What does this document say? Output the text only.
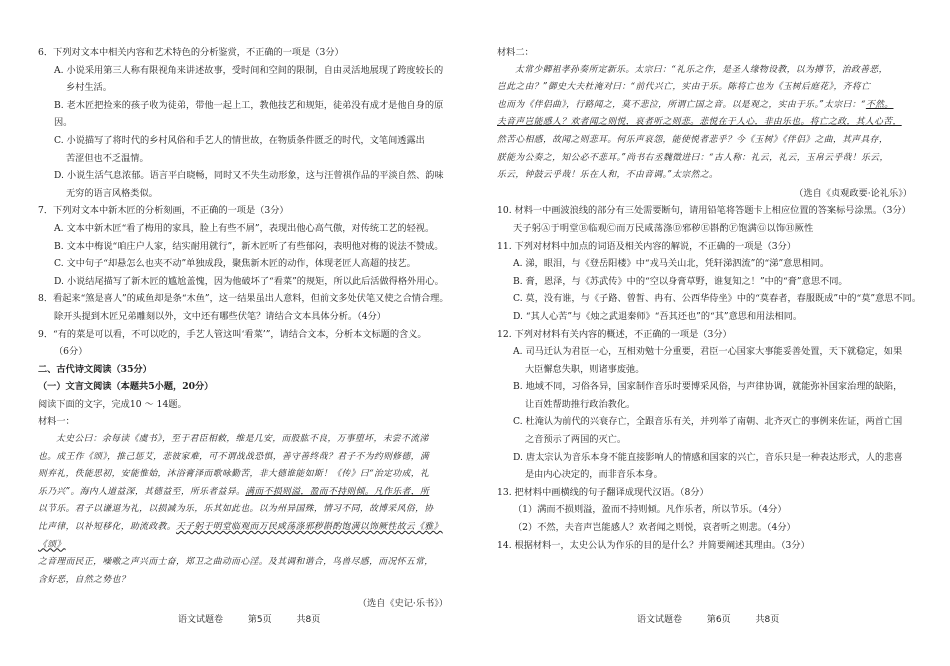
6．下列对文本中相关内容和艺术特色的分析鉴赏，不正确的一项是（3分）

A. 小说采用第三人称有限视角来讲述故事，受时间和空间的限制，自由灵活地展现了跨度较长的

乡村生活。

B. 老木匠把捡来的孩子收为徒弟，带他一起上工，教他技艺和规矩，徒弟没有成才是他自身的原因。

C. 小说描写了将时代的乡村风俗和手艺人的情世故，在物质条件匮乏的时代，文笔间透露出

苦涩但也不乏温情。

D. 小说生活气息浓郁。语言平白晓畅，同时又不失生动形象，这与汪曾祺作品的平淡自然、韵味

无穷的语言风格类似。

7．下列对文本中新木匠的分析刻画，不正确的一项是（3分）

A. 文本中新木匠“看了梅用的家具，脸上有些不屑”，表现出他心高气傲，对传统工艺的轻视。

B. 文本中梅说“咱庄户人家，结实耐用就行”，新木匠听了有些郁闷，表明他对梅的说法不赞成。

C. 文中句子“却悬怎么也夹不动”单独成段，聚焦新木匠的动作，体现老匠人高超的技艺。

D. 小说结尾描写了新木匠的尴尬盖愧，因为他破坏了“看菜”的规矩，所以此后活做得格外用心。

8．看起来“煞是喜人”的咸鱼却是条“木鱼”，这一结果虽出人意料，但前文多处伏笔又使之合情合理。

除开头提到木匠兄弟雕刻以外，文中还有哪些伏笔？请结合文本具体分析。（4分）

9．“有的菜是可以看，不可以吃的，手艺人管这叫‘看菜’”，请结合文本，分析本文标题的含义。

（6分）

二、古代诗文阅读（35分）

（一）文言文阅读（本题共5小题，20分）

阅读下面的文字，完成10 ～ 14题。

材料一：

太史公曰：余每读《虞书》，至于君臣相敕，维是几安，而股肱不良，万事堕坏，未尝不流涕

也。成王作《颂》，推己惩艾，悲彼家难，可不谓战战恐惧，善守善终哉？君子不为约则修德，满

则弃礼，佚能思初，安能惟始，沐浴膏泽而歌咏勤苦，非大德谁能如斯！《传》曰“治定功成，礼

乐乃兴”。海内人道益深，其德益至，所乐者益异。满而不损则溢，盈而不持则倾。凡作乐者，所

以节乐。君子以谦退为礼，以损减为乐，乐其如此也。以为州异国殊，情习不同，故博采风俗，协

比声律，以补短移化，助流政教。天子躬于明堂临观而万民咸荡涤邪秽斟酌饱满以饰厥性故云《雅》《颂》

之音理而民正，噪嗷之声兴而士奋，郑卫之曲动而心淫。及其调和谐合，鸟兽尽感，而况怀五常，

含好恶，自然之势也？

（选自《史记·乐书》）

语文试题卷	第5页	共8页

材料二：

太常少卿祖孝孙奏所定新乐。太宗曰：“礼乐之作，是圣人缘物设教，以为撙节，治政善恶，

岂此之由？”御史大夫杜淹对曰：“前代兴亡，实由于乐。陈将亡也为《玉树后庭花》，齐将亡

也而为《伴侣曲》，行路闻之，莫不悲泣，所谓亡国之音。以是观之，实由于乐。”太宗曰：“不然。

夫音声岂能感人？欢者闻之则悦，哀者听之则悲。悲悦在于人心，非由乐也。将亡之政，其人心苦，

然苦心相感，故闻之则悲耳。何乐声哀怨，能使悦者悲乎？今《玉树》《伴侣》之曲，其声具存，

朕能为公奏之，知公必不悲耳。”尚书右丞魏徵进曰：“古人称：礼云，礼云，玉帛云乎哉！乐云，

乐云，钟鼓云乎哉！乐在人和，不由音调。”太宗然之。

（选自《贞观政要·论礼乐》）

10. 材料一中画波浪线的部分有三处需要断句，请用铅笔将答题卡上相应位置的答案标号涂黑。（3分）

天子躬Ⓐ于明堂Ⓑ临观Ⓒ而万民咸荡涤Ⓓ邪秽Ⓔ斟酌Ⓕ饱满Ⓖ以饰Ⓗ厥性

11. 下列对材料中加点的词语及相关内容的解说，不正确的一项是（3分）

A. 涕，眼泪，与《登岳阳楼》中“戎马关山北，凭轩涕泗流”的“涕”意思相同。

B. 膏，恩泽，与《苏武传》中的“空以身膏草野，谁复知之！”中的“膏”意思不同。

C. 莫，没有谁，与《子路、曾皙、冉有、公西华侍坐》中的“莫春者，春服既成”中的“莫”意思不同。

D. “其人心苦”与《烛之武退秦师》“吾其还也”的“其”意思和用法相同。

12. 下列对材料有关内容的概述，不正确的一项是（3分）

A. 司马迁认为君臣一心，互相劝勉十分重要，君臣一心国家大事能妥善处置，天下就稳定，如果

大臣懈怠失职，则诸事废弛。

B. 地域不同，习俗各异，国家制作音乐时要博采风俗，与声律协调，就能弥补国家治理的缺陷，

让百姓帮助推行政治教化。

C. 杜淹认为前代的兴衰存亡，全跟音乐有关，并列举了南朝、北齐灭亡的事例来佐证，两首亡国

之音预示了两国的灭亡。

D. 唐太宗认为音乐本身不能直接影响人的情感和国家的兴亡，音乐只是一种表达形式，人的悲喜

是由内心决定的，而非音乐本身。

13. 把材料中画横线的句子翻译成现代汉语。（8分）

（1）满而不损则溢，盈而不持则倾。凡作乐者，所以节乐。（4分）

（2）不然，夫音声岂能感人？欢者闻之则悦，哀者听之则悲。（4分）

14. 根据材料一，太史公认为作乐的目的是什么？并简要阐述其理由。（3分）

语文试题卷	第6页	共8页
